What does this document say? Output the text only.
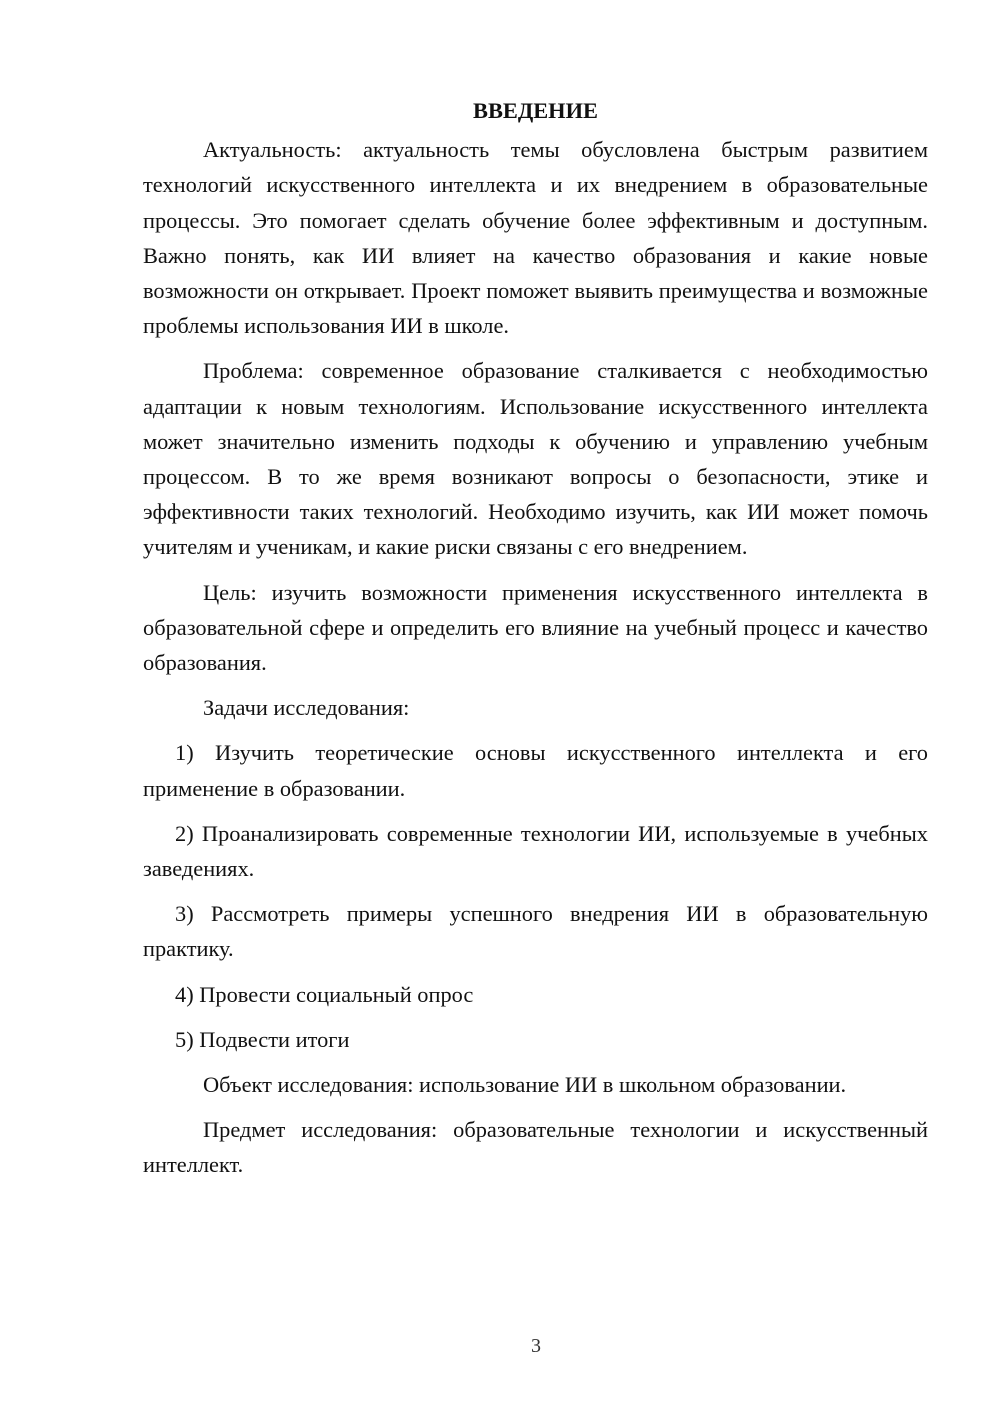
ВВЕДЕНИЕ

Актуальность: актуальность темы обусловлена быстрым развитием технологий искусственного интеллекта и их внедрением в образовательные процессы. Это помогает сделать обучение более эффективным и доступным. Важно понять, как ИИ влияет на качество образования и какие новые возможности он открывает. Проект поможет выявить преимущества и возможные проблемы использования ИИ в школе.

Проблема: современное образование сталкивается с необходимостью адаптации к новым технологиям. Использование искусственного интеллекта может значительно изменить подходы к обучению и управлению учебным процессом. В то же время возникают вопросы о безопасности, этике и эффективности таких технологий. Необходимо изучить, как ИИ может помочь учителям и ученикам, и какие риски связаны с его внедрением.

Цель: изучить возможности применения искусственного интеллекта в образовательной сфере и определить его влияние на учебный процесс и качество образования.

Задачи исследования:

1) Изучить теоретические основы искусственного интеллекта и его применение в образовании.

2) Проанализировать современные технологии ИИ, используемые в учебных заведениях.

3) Рассмотреть примеры успешного внедрения ИИ в образовательную практику.

4) Провести социальный опрос

5) Подвести итоги

Объект исследования: использование ИИ в школьном образовании.

Предмет исследования: образовательные технологии и искусственный интеллект.

3
